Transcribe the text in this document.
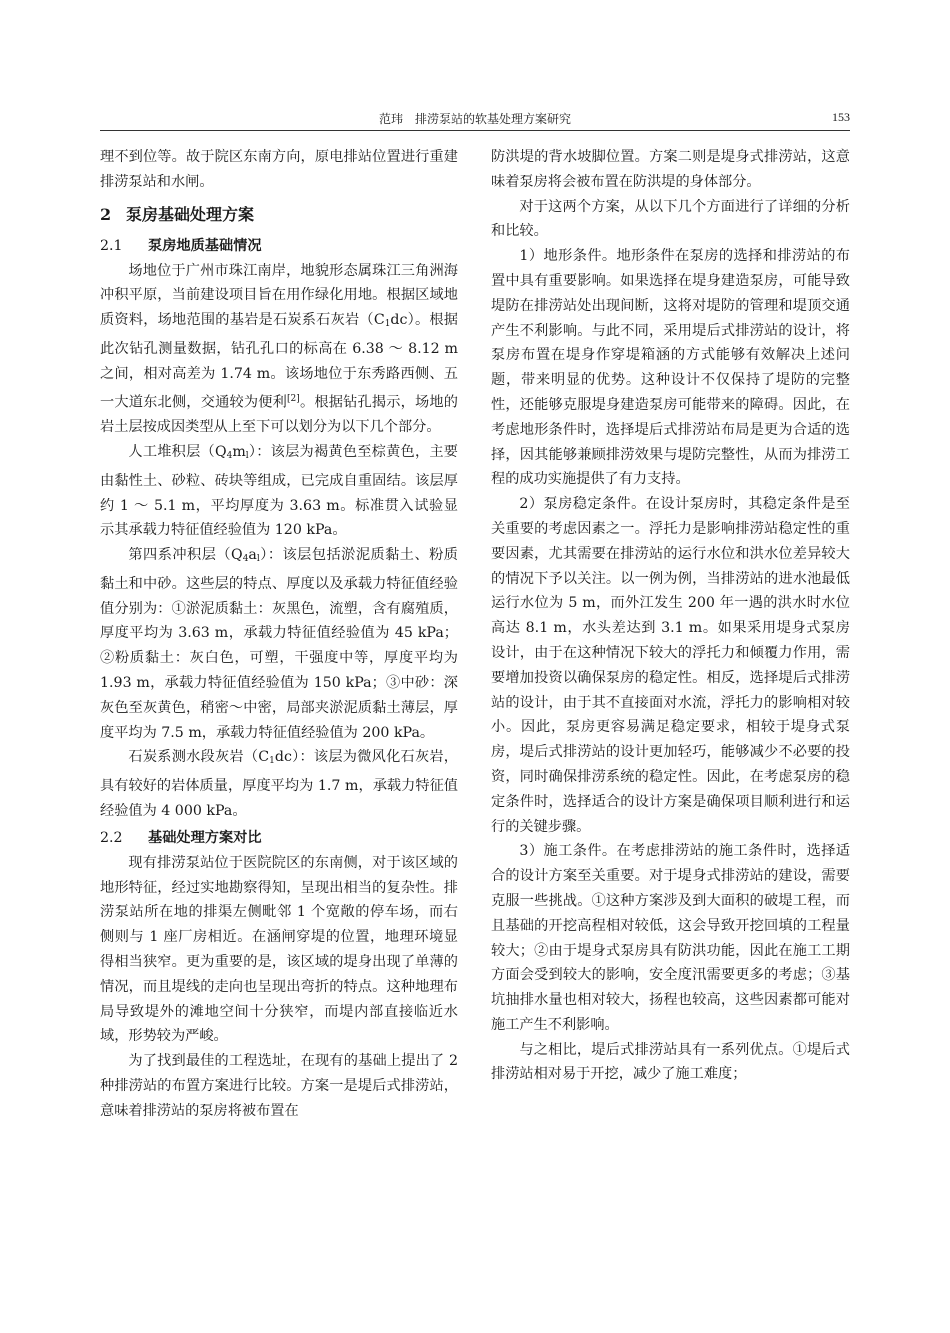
范玮　排涝泵站的软基处理方案研究	153

理不到位等。故于院区东南方向，原电排站位置进行重建排涝泵站和水闸。

2 泵房基础处理方案
2.1 泵房地质基础情况

场地位于广州市珠江南岸，地貌形态属珠江三角洲海冲积平原，当前建设项目旨在用作绿化用地。根据区域地质资料，场地范围的基岩是石炭系石灰岩$(C_1dc)$。根据此次钻孔测量数据，钻孔孔口的标高在 6.38 ～ 8.12 m 之间，相对高差为 1.74 m。该场地位于东秀路西侧、五一大道东北侧，交通较为便利[2]。根据钻孔揭示，场地的岩土层按成因类型从上至下可以划分为以下几个部分。

人工堆积层$(Q_4m_l)$：该层为褐黄色至棕黄色，主要由黏性土、砂粒、砖块等组成，已完成自重固结。该层厚约 1 ～ 5.1 m，平均厚度为 3.63 m。标准贯入试验显示其承载力特征值经验值为 120 kPa。

第四系冲积层$(Q_4a_l)$：该层包括淤泥质黏土、粉质黏土和中砂。这些层的特点、厚度以及承载力特征值经验值分别为：①淤泥质黏土：灰黑色，流塑，含有腐殖质，厚度平均为 3.63 m，承载力特征值经验值为 45 kPa；②粉质黏土：灰白色，可塑，干强度中等，厚度平均为 1.93 m，承载力特征值经验值为 150 kPa；③中砂：深灰色至灰黄色，稍密～中密，局部夹淤泥质黏土薄层，厚度平均为 7.5 m，承载力特征值经验值为 200 kPa。

石炭系测水段灰岩$(C_1dc)$：该层为微风化石灰岩，具有较好的岩体质量，厚度平均为 1.7 m，承载力特征值经验值为 4 000 kPa。

2.2 基础处理方案对比

现有排涝泵站位于医院院区的东南侧，对于该区域的地形特征，经过实地勘察得知，呈现出相当的复杂性。排涝泵站所在地的排渠左侧毗邻 1 个宽敞的停车场，而右侧则与 1 座厂房相近。在涵闸穿堤的位置，地理环境显得相当狭窄。更为重要的是，该区域的堤身出现了单薄的情况，而且堤线的走向也呈现出弯折的特点。这种地理布局导致堤外的滩地空间十分狭窄，而堤内部直接临近水域，形势较为严峻。

为了找到最佳的工程选址，在现有的基础上提出了 2 种排涝站的布置方案进行比较。方案一是堤后式排涝站，意味着排涝站的泵房将被布置在

防洪堤的背水坡脚位置。方案二则是堤身式排涝站，这意味着泵房将会被布置在防洪堤的身体部分。

对于这两个方案，从以下几个方面进行了详细的分析和比较。

1）地形条件。地形条件在泵房的选择和排涝站的布置中具有重要影响。如果选择在堤身建造泵房，可能导致堤防在排涝站处出现间断，这将对堤防的管理和堤顶交通产生不利影响。与此不同，采用堤后式排涝站的设计，将泵房布置在堤身作穿堤箱涵的方式能够有效解决上述问题，带来明显的优势。这种设计不仅保持了堤防的完整性，还能够克服堤身建造泵房可能带来的障碍。因此，在考虑地形条件时，选择堤后式排涝站布局是更为合适的选择，因其能够兼顾排涝效果与堤防完整性，从而为排涝工程的成功实施提供了有力支持。

2）泵房稳定条件。在设计泵房时，其稳定条件是至关重要的考虑因素之一。浮托力是影响排涝站稳定性的重要因素，尤其需要在排涝站的运行水位和洪水位差异较大的情况下予以关注。以一例为例，当排涝站的进水池最低运行水位为 5 m，而外江发生 200 年一遇的洪水时水位高达 8.1 m，水头差达到 3.1 m。如果采用堤身式泵房设计，由于在这种情况下较大的浮托力和倾覆力作用，需要增加投资以确保泵房的稳定性。相反，选择堤后式排涝站的设计，由于其不直接面对水流，浮托力的影响相对较小。因此，泵房更容易满足稳定要求，相较于堤身式泵房，堤后式排涝站的设计更加轻巧，能够减少不必要的投资，同时确保排涝系统的稳定性。因此，在考虑泵房的稳定条件时，选择适合的设计方案是确保项目顺利进行和运行的关键步骤。

3）施工条件。在考虑排涝站的施工条件时，选择适合的设计方案至关重要。对于堤身式排涝站的建设，需要克服一些挑战。①这种方案涉及到大面积的破堤工程，而且基础的开挖高程相对较低，这会导致开挖回填的工程量较大；②由于堤身式泵房具有防洪功能，因此在施工工期方面会受到较大的影响，安全度汛需要更多的考虑；③基坑抽排水量也相对较大，扬程也较高，这些因素都可能对施工产生不利影响。

与之相比，堤后式排涝站具有一系列优点。①堤后式排涝站相对易于开挖，减少了施工难度；
